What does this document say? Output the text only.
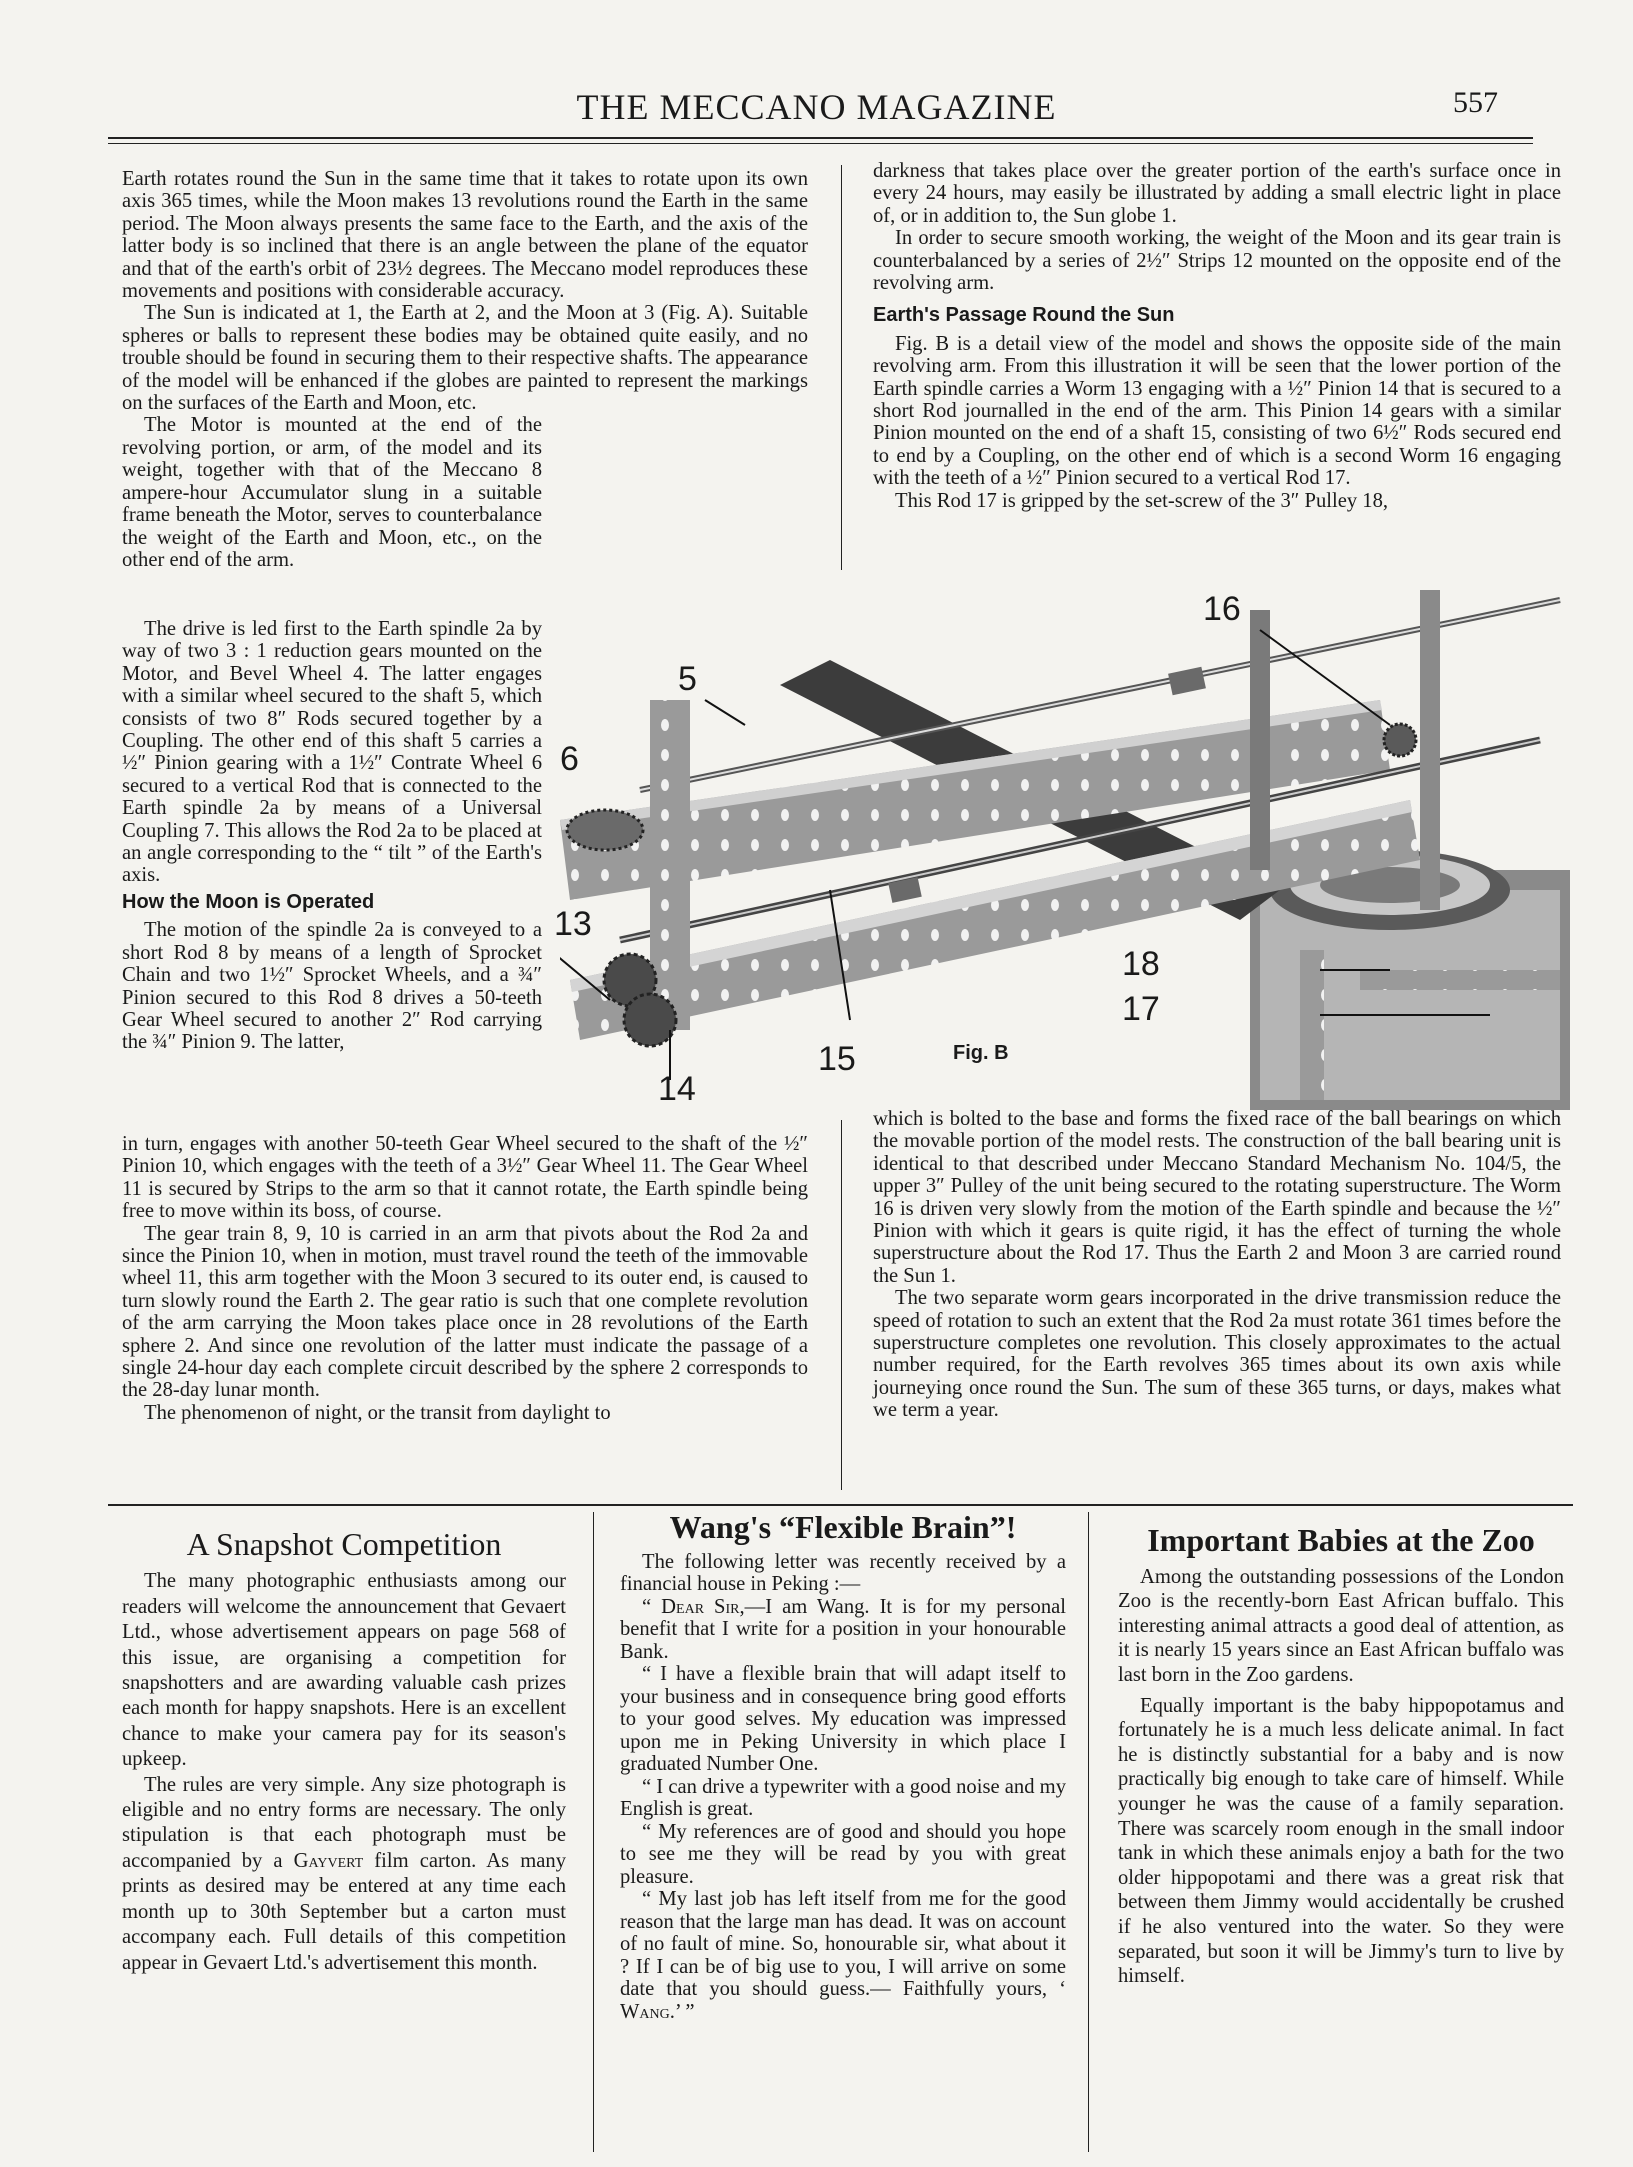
THE MECCANO MAGAZINE	557

Earth rotates round the Sun in the same time that it takes to rotate upon its own axis 365 times, while the Moon makes 13 revolutions round the Earth in the same period. The Moon always presents the same face to the Earth, and the axis of the latter body is so inclined that there is an angle between the plane of the equator and that of the earth's orbit of 23½ degrees. The Meccano model reproduces these movements and positions with considerable accuracy.

The Sun is indicated at 1, the Earth at 2, and the Moon at 3 (Fig. A). Suitable spheres or balls to represent these bodies may be obtained quite easily, and no trouble should be found in securing them to their respective shafts. The appearance of the model will be enhanced if the globes are painted to represent the markings on the surfaces of the Earth and Moon, etc.

The Motor is mounted at the end of the revolving portion, or arm, of the model and its weight, together with that of the Meccano 8 ampere-hour Accumulator slung in a suitable frame beneath the Motor, serves to counterbalance the weight of the Earth and Moon, etc., on the other end of the arm.

The drive is led first to the Earth spindle 2a by way of two 3 : 1 reduction gears mounted on the Motor, and Bevel Wheel 4. The latter engages with a similar wheel secured to the shaft 5, which consists of two 8″ Rods secured together by a Coupling. The other end of this shaft 5 carries a ½″ Pinion gearing with a 1½″ Contrate Wheel 6 secured to a vertical Rod that is connected to the Earth spindle 2a by means of a Universal Coupling 7. This allows the Rod 2a to be placed at an angle corresponding to the “ tilt ” of the Earth's axis.

How the Moon is Operated

The motion of the spindle 2a is conveyed to a short Rod 8 by means of a length of Sprocket Chain and two 1½″ Sprocket Wheels, and a ¾″ Pinion secured to this Rod 8 drives a 50-teeth Gear Wheel secured to another 2″ Rod carrying the ¾″ Pinion 9. The latter,

in turn, engages with another 50-teeth Gear Wheel secured to the shaft of the ½″ Pinion 10, which engages with the teeth of a 3½″ Gear Wheel 11. The Gear Wheel 11 is secured by Strips to the arm so that it cannot rotate, the Earth spindle being free to move within its boss, of course.

The gear train 8, 9, 10 is carried in an arm that pivots about the Rod 2a and since the Pinion 10, when in motion, must travel round the teeth of the immovable wheel 11, this arm together with the Moon 3 secured to its outer end, is caused to turn slowly round the Earth 2. The gear ratio is such that one complete revolution of the arm carrying the Moon takes place once in 28 revolutions of the Earth sphere 2. And since one revolution of the latter must indicate the passage of a single 24-hour day each complete circuit described by the sphere 2 corresponds to the 28-day lunar month.

The phenomenon of night, or the transit from daylight to

darkness that takes place over the greater portion of the earth's surface once in every 24 hours, may easily be illustrated by adding a small electric light in place of, or in addition to, the Sun globe 1.

In order to secure smooth working, the weight of the Moon and its gear train is counterbalanced by a series of 2½″ Strips 12 mounted on the opposite end of the revolving arm.

Earth's Passage Round the Sun

Fig. B is a detail view of the model and shows the opposite side of the main revolving arm. From this illustration it will be seen that the lower portion of the Earth spindle carries a Worm 13 engaging with a ½″ Pinion 14 that is secured to a short Rod journalled in the end of the arm. This Pinion 14 gears with a similar Pinion mounted on the end of a shaft 15, consisting of two 6½″ Rods secured end to end by a Coupling, on the other end of which is a second Worm 16 engaging with the teeth of a ½″ Pinion secured to a vertical Rod 17.

This Rod 17 is gripped by the set-screw of the 3″ Pulley 18,

5
6
13
14
15
16
17
18
Fig. B

which is bolted to the base and forms the fixed race of the ball bearings on which the movable portion of the model rests. The construction of the ball bearing unit is identical to that described under Meccano Standard Mechanism No. 104/5, the upper 3″ Pulley of the unit being secured to the rotating superstructure. The Worm 16 is driven very slowly from the motion of the Earth spindle and because the ½″ Pinion with which it gears is quite rigid, it has the effect of turning the whole superstructure about the Rod 17. Thus the Earth 2 and Moon 3 are carried round the Sun 1.

The two separate worm gears incorporated in the drive transmission reduce the speed of rotation to such an extent that the Rod 2a must rotate 361 times before the superstructure completes one revolution. This closely approximates to the actual number required, for the Earth revolves 365 times about its own axis while journeying once round the Sun. The sum of these 365 turns, or days, makes what we term a year.

A Snapshot Competition

The many photographic enthusiasts among our readers will welcome the announcement that Gevaert Ltd., whose advertisement appears on page 568 of this issue, are organising a competition for snapshotters and are awarding valuable cash prizes each month for happy snapshots. Here is an excellent chance to make your camera pay for its season's upkeep.

The rules are very simple. Any size photograph is eligible and no entry forms are necessary. The only stipulation is that each photograph must be accompanied by a Gayvert film carton. As many prints as desired may be entered at any time each month up to 30th September but a carton must accompany each. Full details of this competition appear in Gevaert Ltd.'s advertisement this month.

Wang's “Flexible Brain”!

The following letter was recently received by a financial house in Peking :—

“ Dear Sir,—I am Wang. It is for my personal benefit that I write for a position in your honourable Bank.

“ I have a flexible brain that will adapt itself to your business and in consequence bring good efforts to your good selves. My education was impressed upon me in Peking University in which place I graduated Number One.

“ I can drive a typewriter with a good noise and my English is great.

“ My references are of good and should you hope to see me they will be read by you with great pleasure.

“ My last job has left itself from me for the good reason that the large man has dead. It was on account of no fault of mine. So, honourable sir, what about it ? If I can be of big use to you, I will arrive on some date that you should guess.— Faithfully yours, ‘ Wang.’ ”

Important Babies at the Zoo

Among the outstanding possessions of the London Zoo is the recently-born East African buffalo. This interesting animal attracts a good deal of attention, as it is nearly 15 years since an East African buffalo was last born in the Zoo gardens.

Equally important is the baby hippopotamus and fortunately he is a much less delicate animal. In fact he is distinctly substantial for a baby and is now practically big enough to take care of himself. While younger he was the cause of a family separation. There was scarcely room enough in the small indoor tank in which these animals enjoy a bath for the two older hippopotami and there was a great risk that between them Jimmy would accidentally be crushed if he also ventured into the water. So they were separated, but soon it will be Jimmy's turn to live by himself.
